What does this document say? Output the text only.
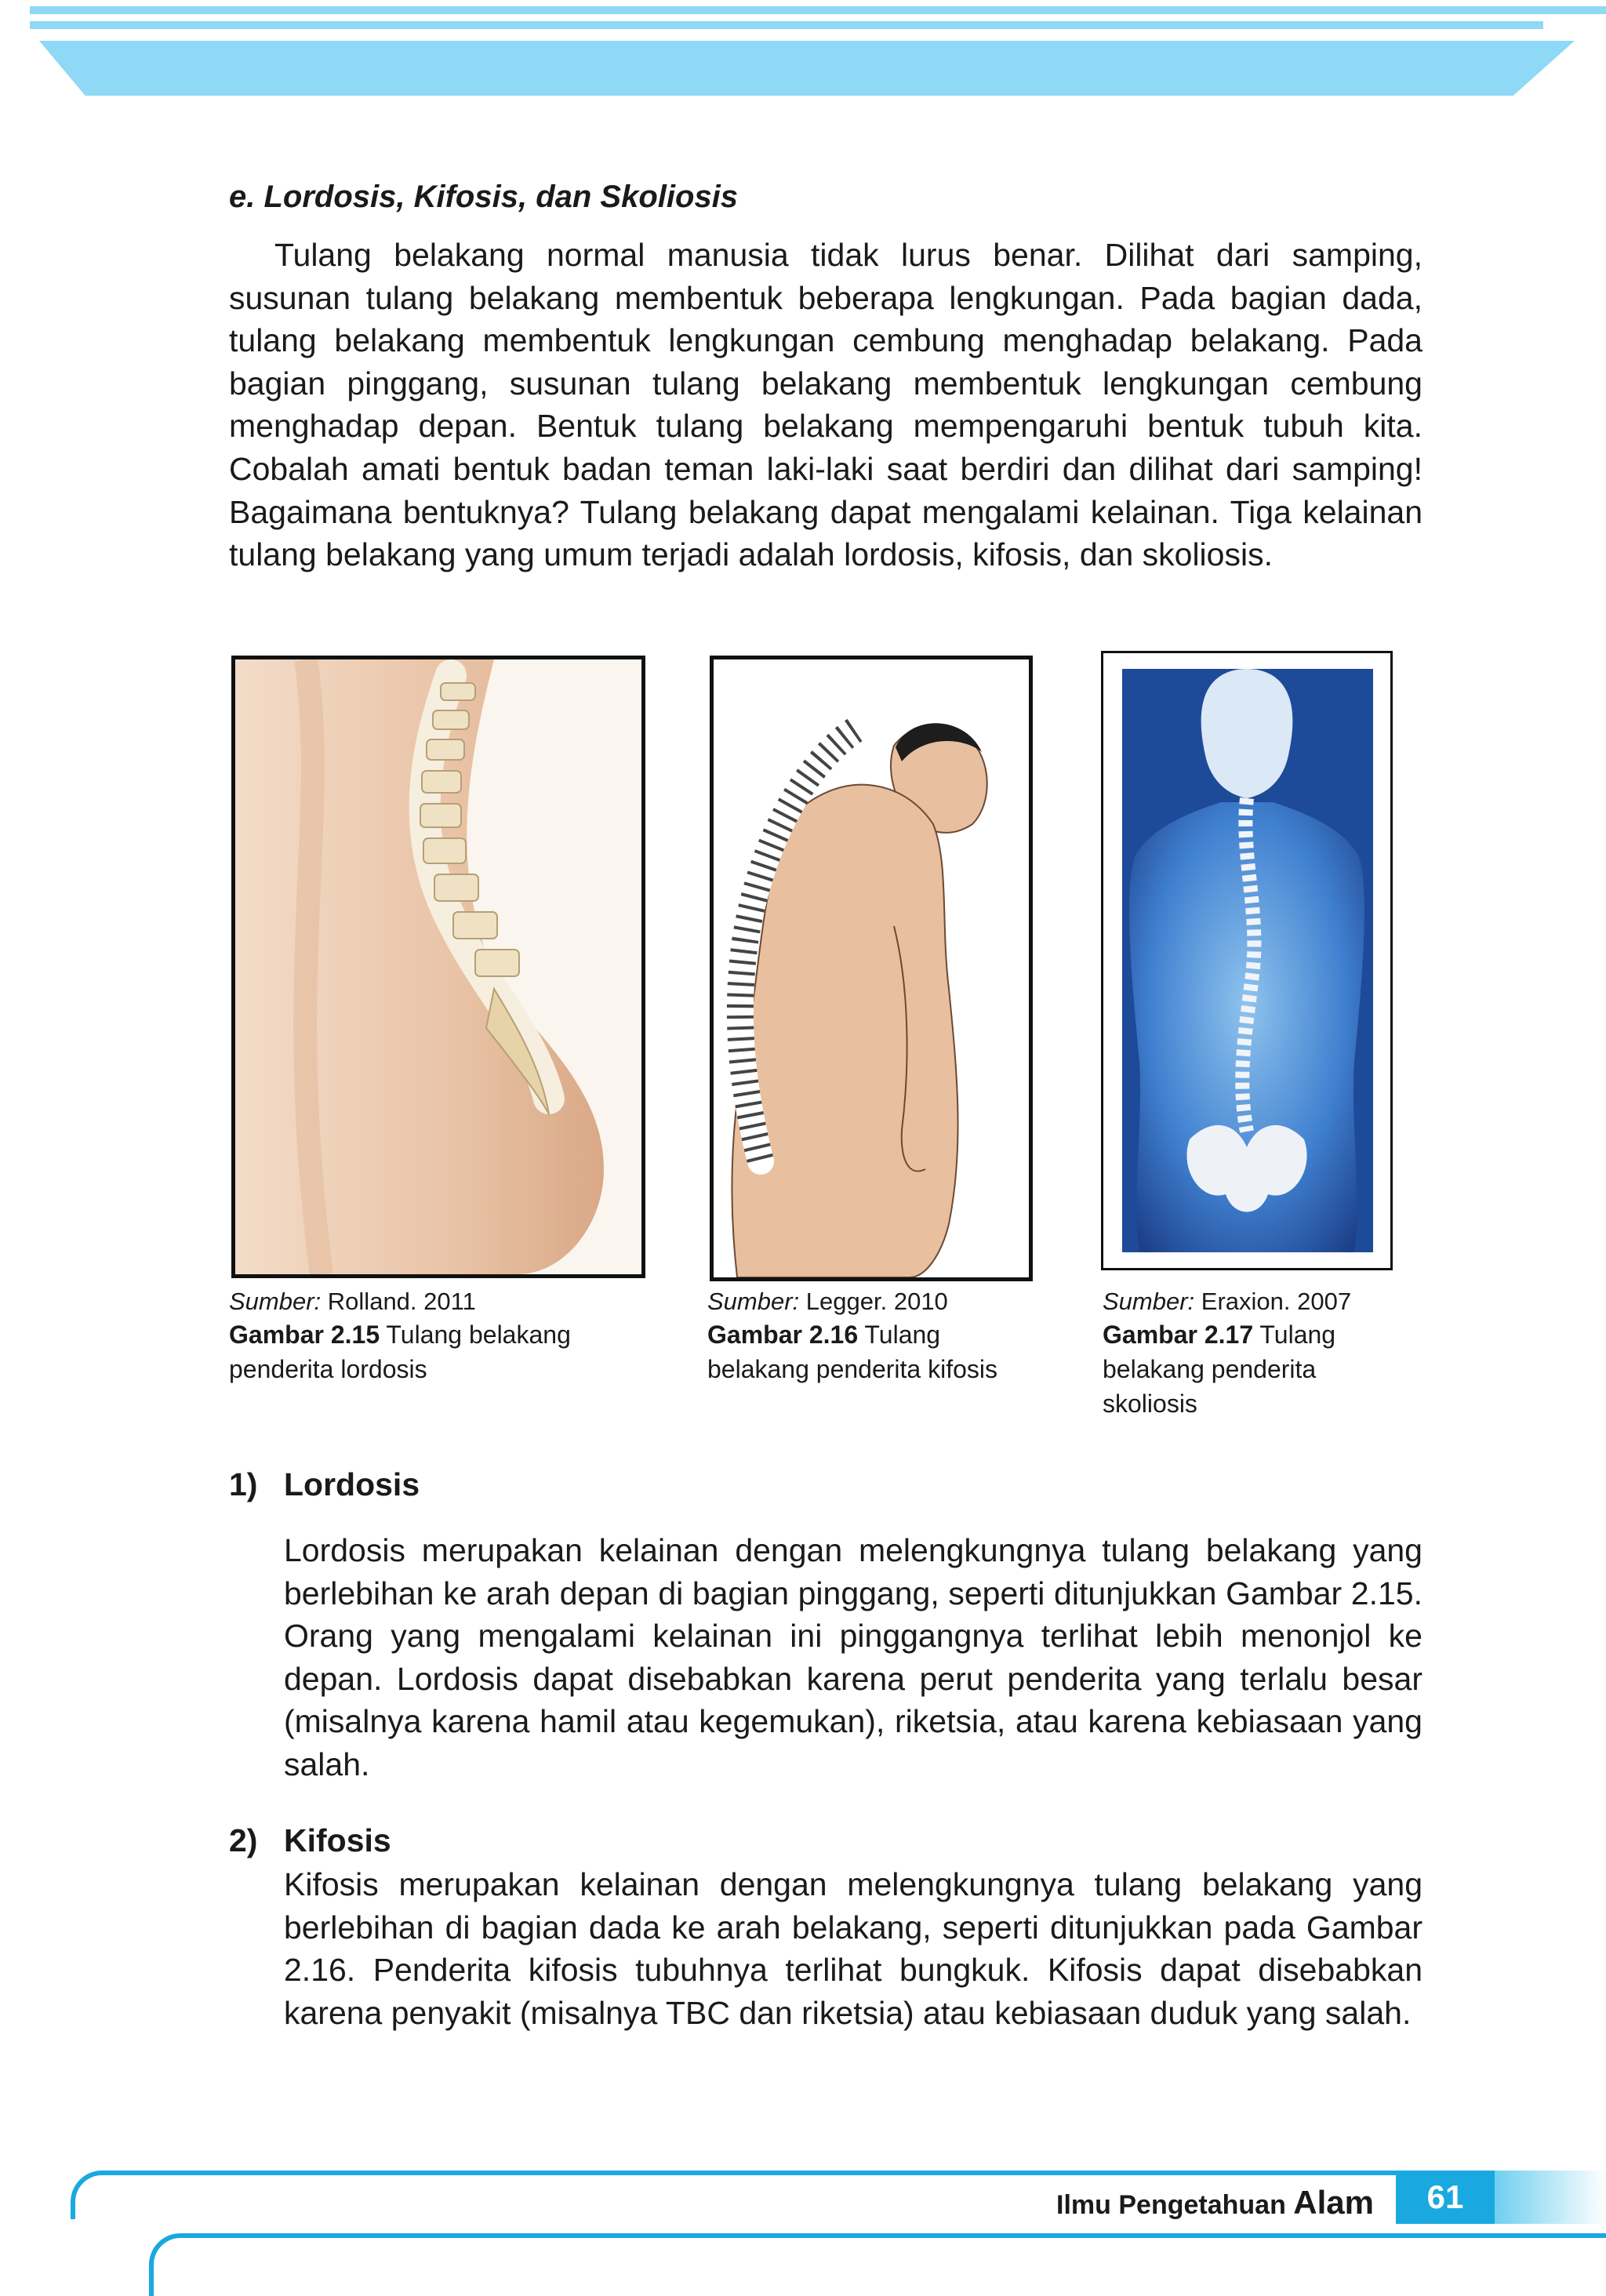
e. Lordosis, Kifosis, dan Skoliosis

Tulang belakang normal manusia tidak lurus benar. Dilihat dari samping, susunan tulang belakang membentuk beberapa lengkungan. Pada bagian dada, tulang belakang membentuk lengkungan cembung menghadap belakang. Pada bagian pinggang, susunan tulang belakang membentuk lengkungan cembung menghadap depan. Bentuk tulang belakang mempengaruhi bentuk tubuh kita. Cobalah amati bentuk badan teman laki-laki saat berdiri dan dilihat dari samping! Bagaimana bentuknya? Tulang belakang dapat mengalami kelainan. Tiga kelainan tulang belakang yang umum terjadi adalah lordosis, kifosis, dan skoliosis.

Sumber: Rolland. 2011
Gambar 2.15 Tulang belakang penderita lordosis
Sumber: Legger. 2010
Gambar 2.16 Tulang belakang penderita kifosis
Sumber: Eraxion. 2007
Gambar 2.17 Tulang belakang penderita skoliosis
1) Lordosis

Lordosis merupakan kelainan dengan melengkungnya tulang belakang yang berlebihan ke arah depan di bagian pinggang, seperti ditunjukkan Gambar 2.15. Orang yang mengalami kelainan ini pinggangnya terlihat lebih menonjol ke depan. Lordosis dapat disebabkan karena perut penderita yang terlalu besar (misalnya karena hamil atau kegemukan), riketsia, atau karena kebiasaan yang salah.

2) Kifosis

Kifosis merupakan kelainan dengan melengkungnya tulang belakang yang berlebihan di bagian dada ke arah belakang, seperti ditunjukkan pada Gambar 2.16. Penderita kifosis tubuhnya terlihat bungkuk. Kifosis dapat disebabkan karena penyakit (misalnya TBC dan riketsia) atau kebiasaan duduk yang salah.

Ilmu Pengetahuan Alam	61
